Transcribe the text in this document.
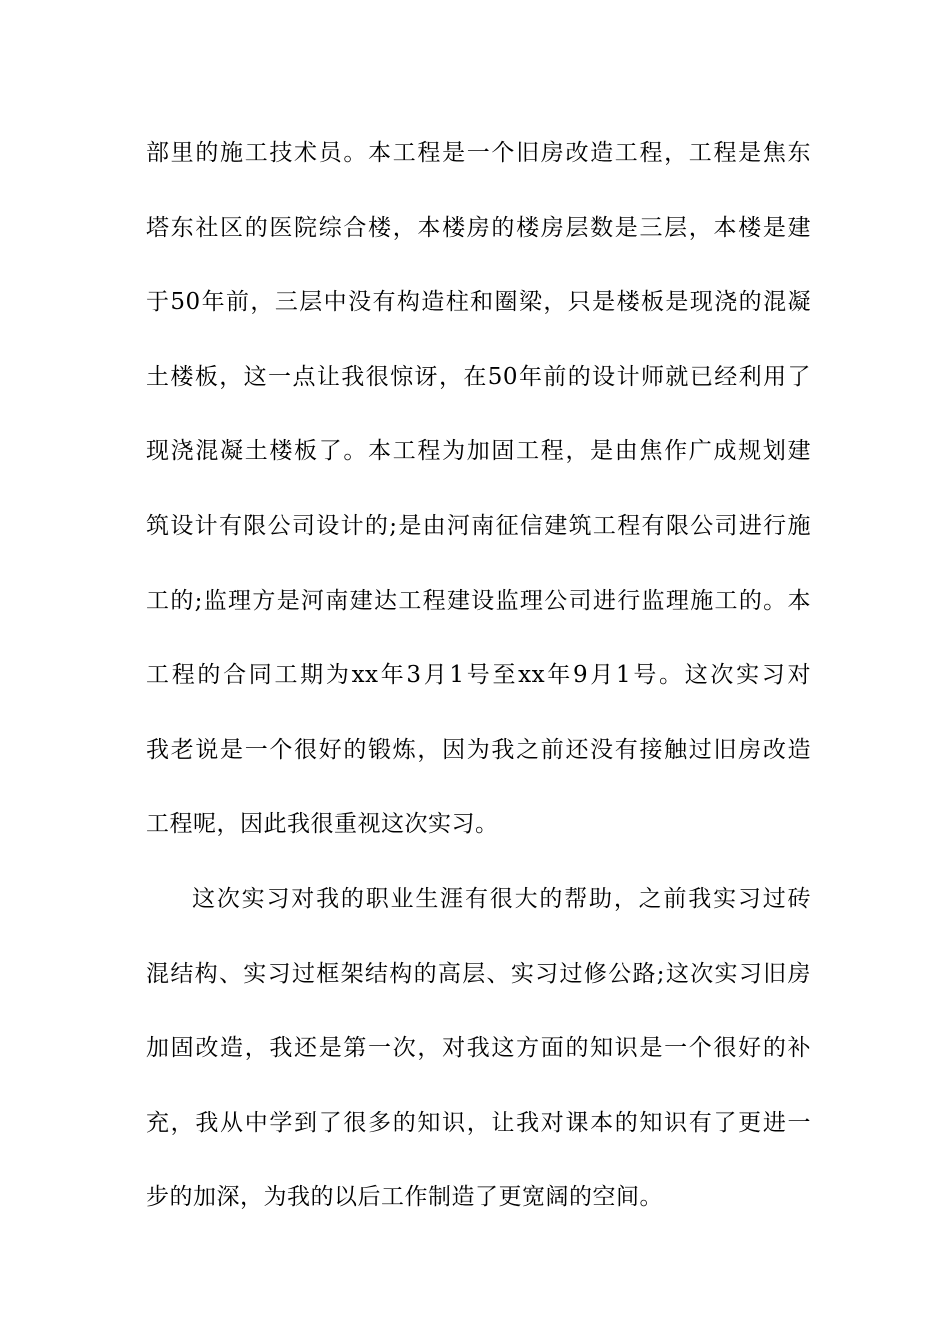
部里的施工技术员。本工程是一个旧房改造工程，工程是焦东
塔东社区的医院综合楼，本楼房的楼房层数是三层，本楼是建
于50年前，三层中没有构造柱和圈梁，只是楼板是现浇的混凝
土楼板，这一点让我很惊讶，在50年前的设计师就已经利用了
现浇混凝土楼板了。本工程为加固工程，是由焦作广成规划建
筑设计有限公司设计的;是由河南征信建筑工程有限公司进行施
工的;监理方是河南建达工程建设监理公司进行监理施工的。本
工程的合同工期为xx年3月1号至xx年9月1号。这次实习对
我老说是一个很好的锻炼，因为我之前还没有接触过旧房改造
工程呢，因此我很重视这次实习。
这次实习对我的职业生涯有很大的帮助，之前我实习过砖
混结构、实习过框架结构的高层、实习过修公路;这次实习旧房
加固改造，我还是第一次，对我这方面的知识是一个很好的补
充，我从中学到了很多的知识，让我对课本的知识有了更进一
步的加深，为我的以后工作制造了更宽阔的空间。
